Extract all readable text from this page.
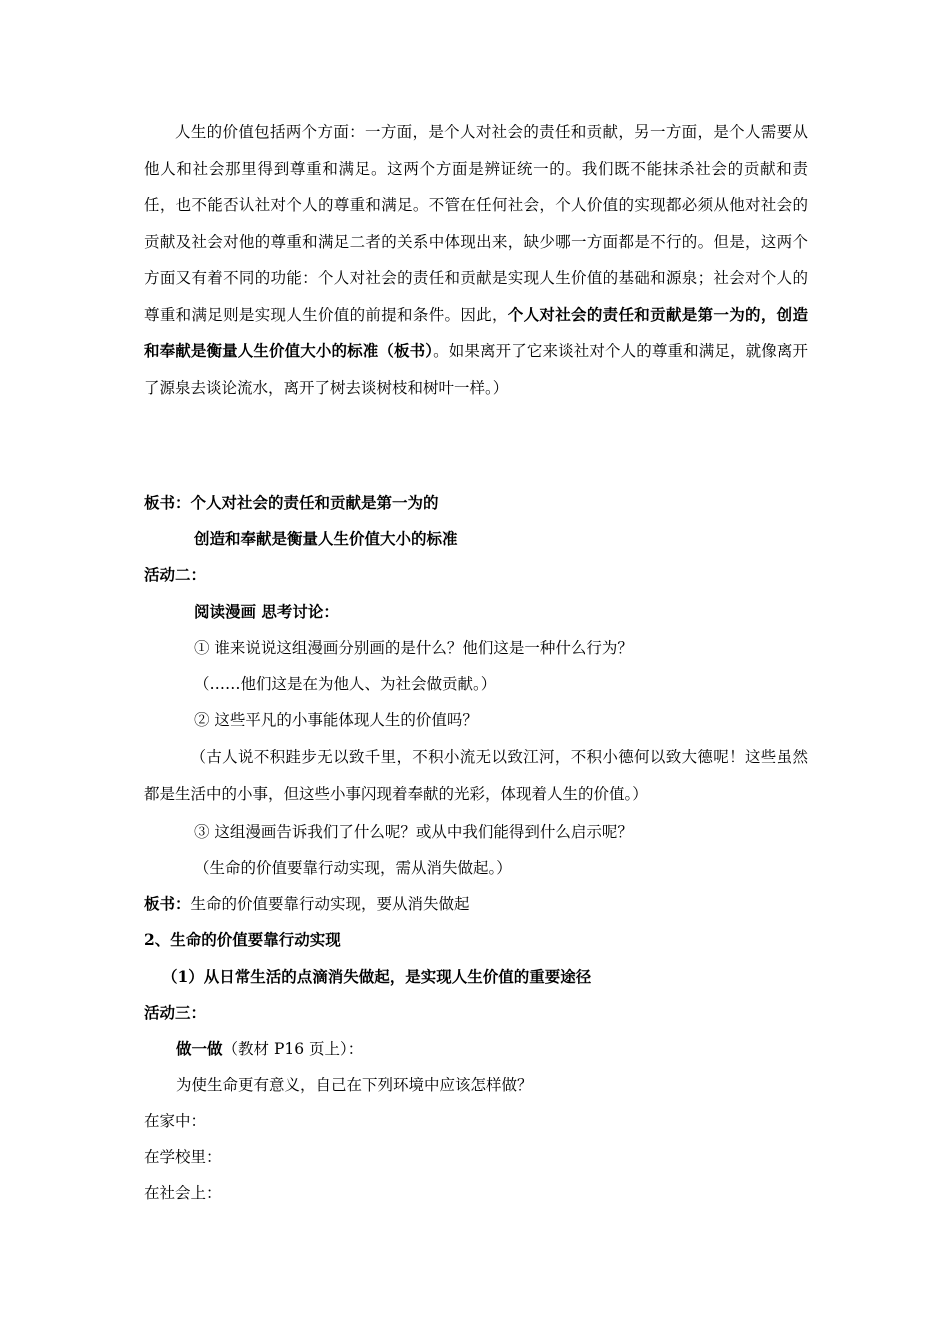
人生的价值包括两个方面：一方面，是个人对社会的责任和贡献，另一方面，是个人需要从他人和社会那里得到尊重和满足。这两个方面是辨证统一的。我们既不能抹杀社会的贡献和责任，也不能否认社对个人的尊重和满足。不管在任何社会，个人价值的实现都必须从他对社会的贡献及社会对他的尊重和满足二者的关系中体现出来，缺少哪一方面都是不行的。但是，这两个方面又有着不同的功能：个人对社会的责任和贡献是实现人生价值的基础和源泉；社会对个人的尊重和满足则是实现人生价值的前提和条件。因此，个人对社会的责任和贡献是第一为的，创造和奉献是衡量人生价值大小的标准（板书）。如果离开了它来谈社对个人的尊重和满足，就像离开了源泉去谈论流水，离开了树去谈树枝和树叶一样。）

板书：个人对社会的责任和贡献是第一为的
创造和奉献是衡量人生价值大小的标准
活动二：
阅读漫画 思考讨论：
① 谁来说说这组漫画分别画的是什么？他们这是一种什么行为？
（……他们这是在为他人、为社会做贡献。）
② 这些平凡的小事能体现人生的价值吗？

（古人说不积跬步无以致千里，不积小流无以致江河，不积小德何以致大德呢！这些虽然都是生活中的小事，但这些小事闪现着奉献的光彩，体现着人生的价值。）

③ 这组漫画告诉我们了什么呢？或从中我们能得到什么启示呢？
（生命的价值要靠行动实现，需从消失做起。）
板书：生命的价值要靠行动实现，要从消失做起
2、生命的价值要靠行动实现
（1）从日常生活的点滴消失做起，是实现人生价值的重要途径
活动三：
做一做（教材 P16 页上）：
为使生命更有意义，自己在下列环境中应该怎样做？
在家中：
在学校里：
在社会上：
